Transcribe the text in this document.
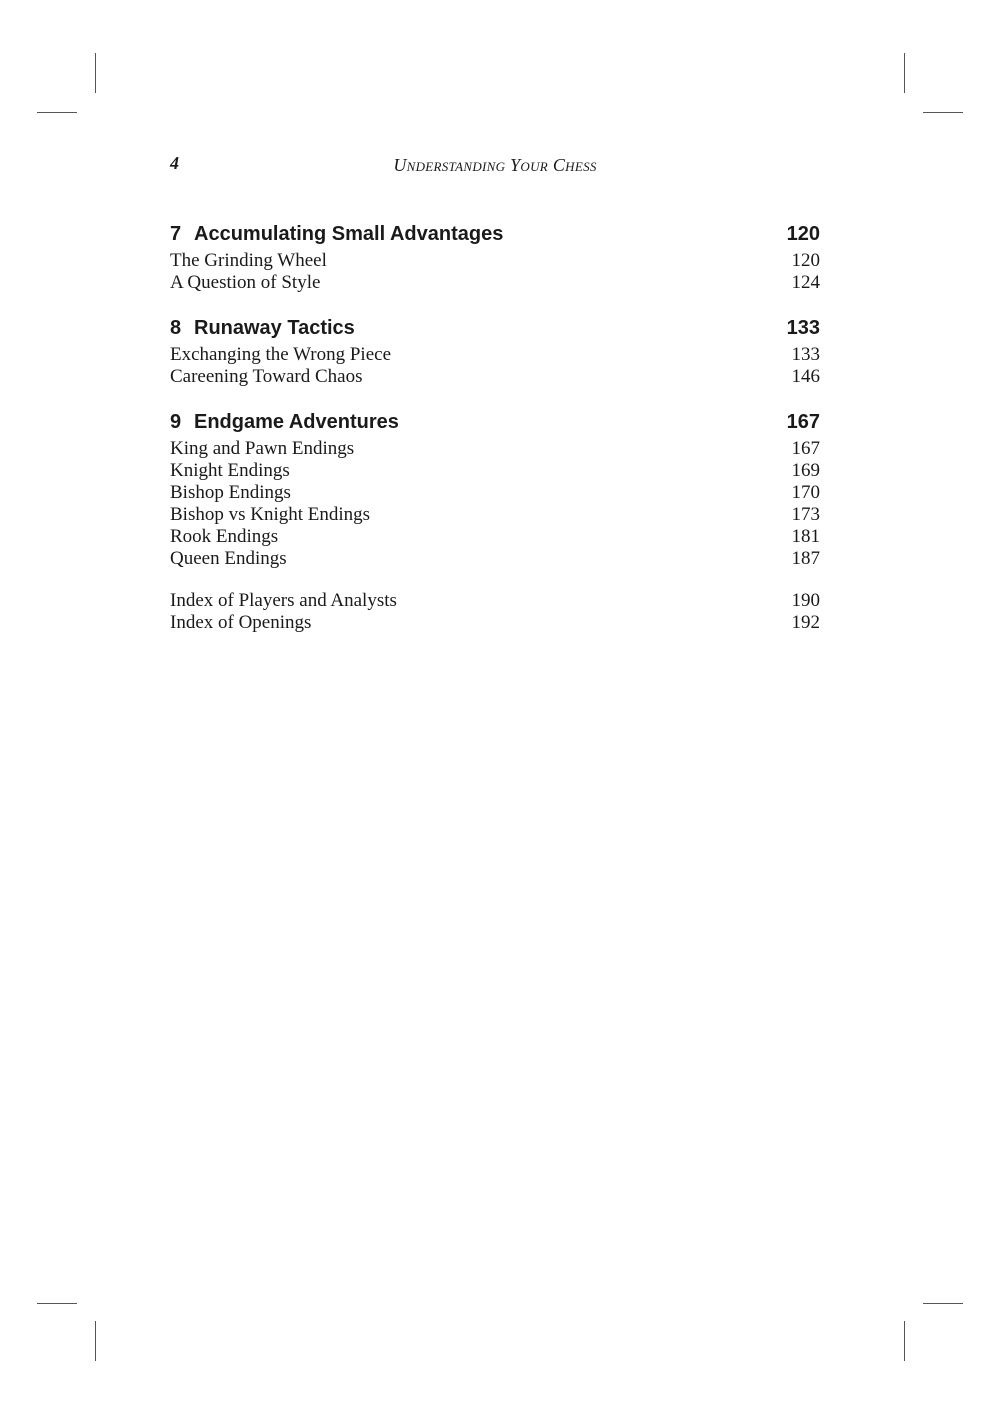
4	Understanding Your Chess
7 Accumulating Small Advantages	120
The Grinding Wheel	120
A Question of Style	124
8 Runaway Tactics	133
Exchanging the Wrong Piece	133
Careening Toward Chaos	146
9 Endgame Adventures	167
King and Pawn Endings	167
Knight Endings	169
Bishop Endings	170
Bishop vs Knight Endings	173
Rook Endings	181
Queen Endings	187
Index of Players and Analysts	190
Index of Openings	192
